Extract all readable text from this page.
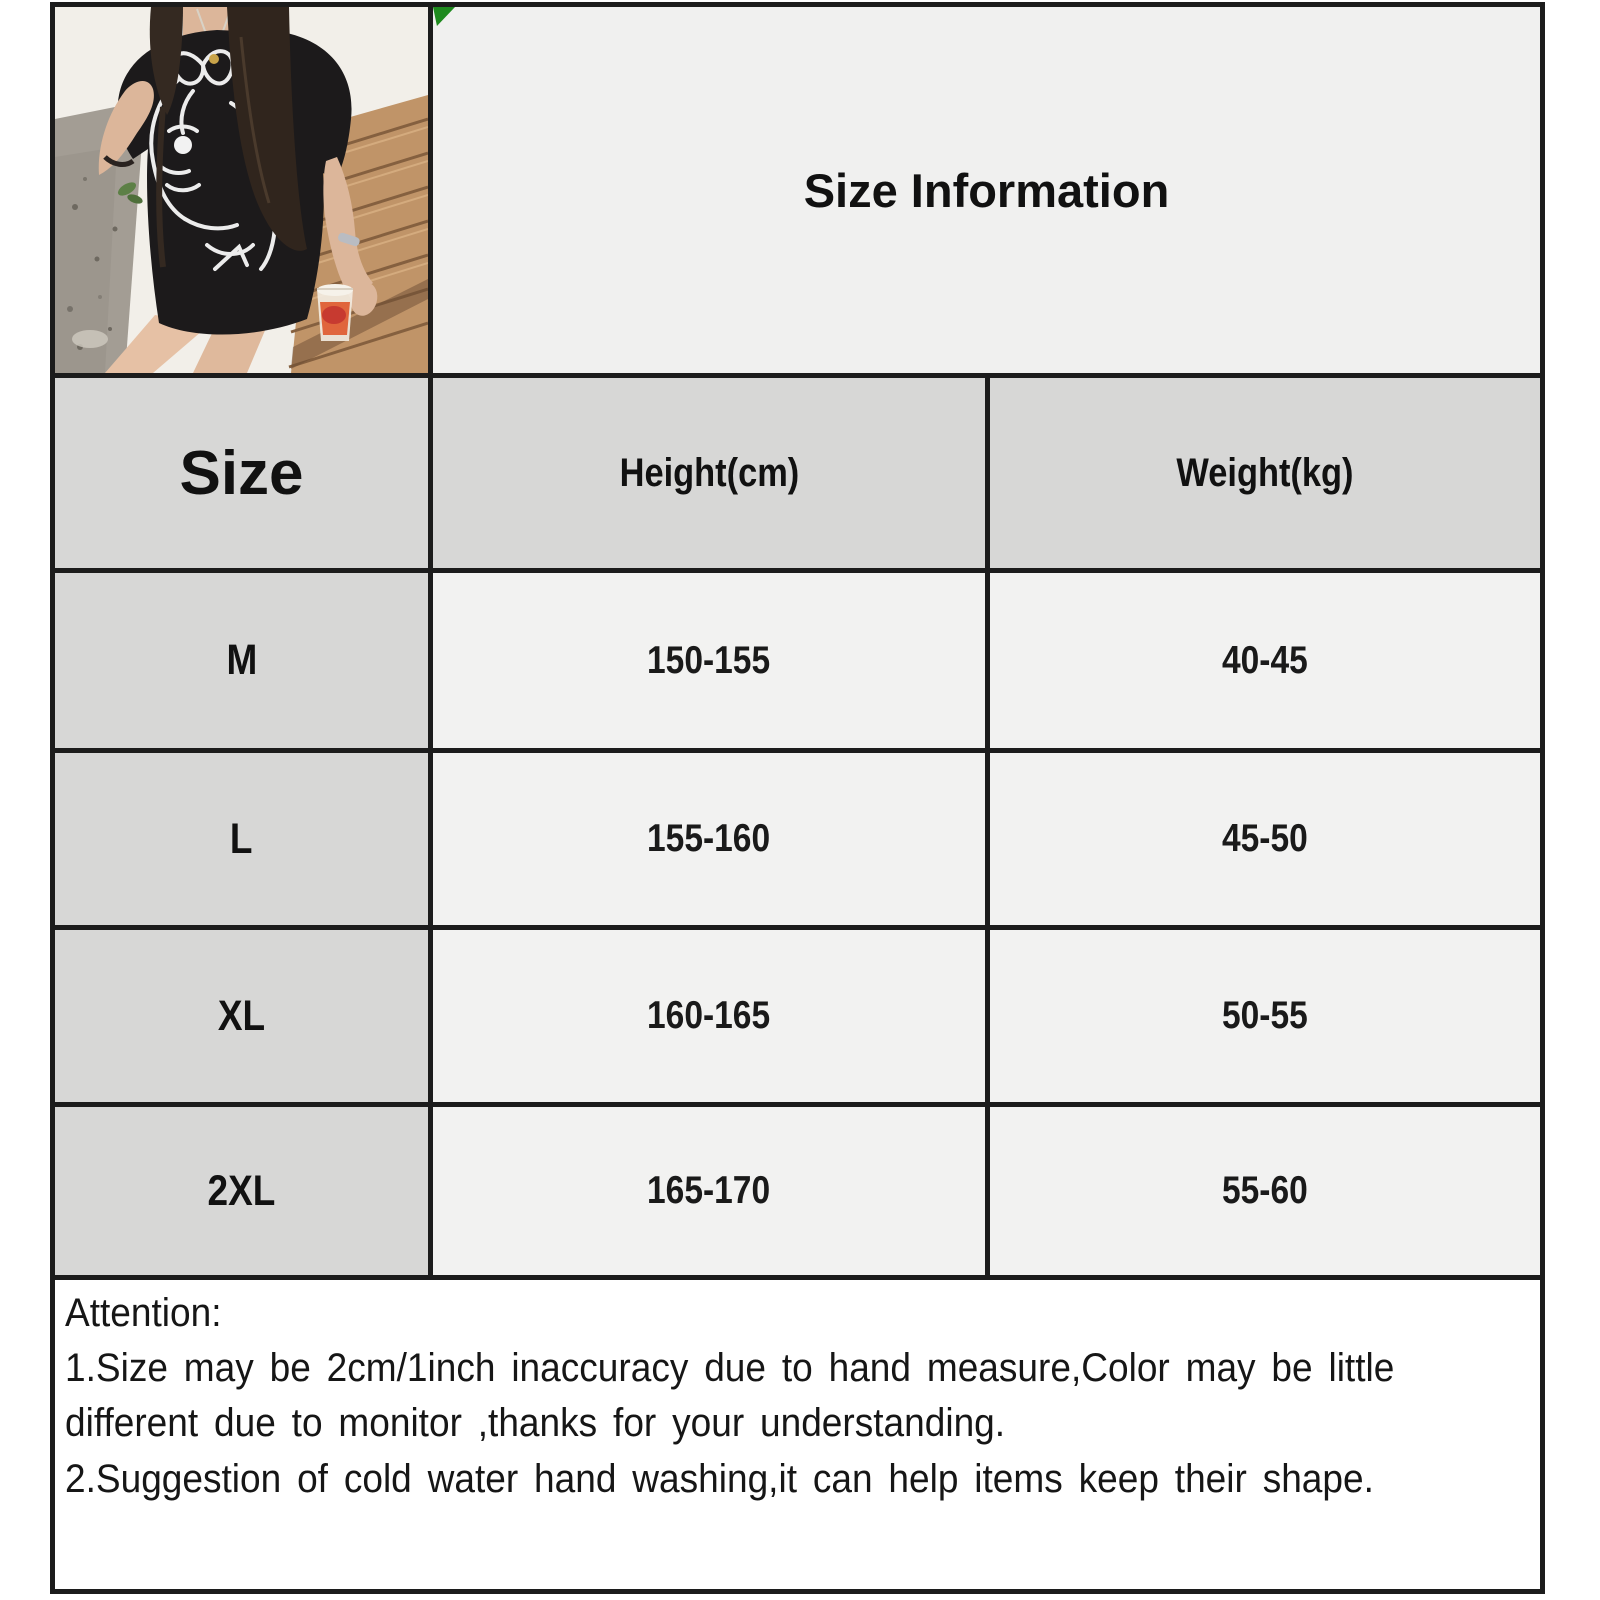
Size Information
Size	Height(cm)	Weight(kg)
M	150-155	40-45
L	155-160	45-50
XL	160-165	50-55
2XL	165-170	55-60
Attention:
1.Size may be 2cm/1inch inaccuracy due to hand measure,Color may be little different due to monitor ,thanks for your understanding.
2.Suggestion of cold water hand washing,it can help items keep their shape.
